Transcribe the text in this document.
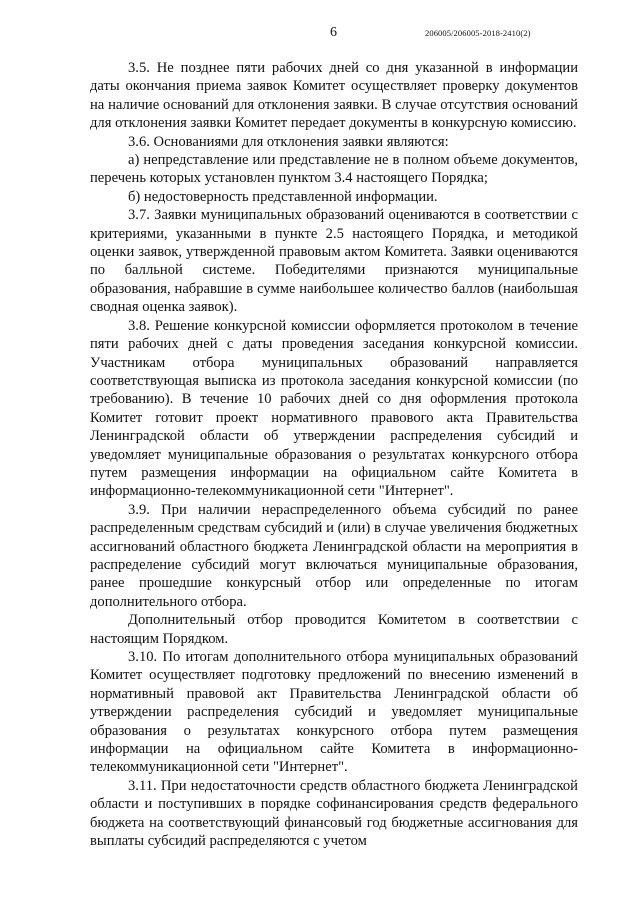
6	206005/206005-2018-2410(2)

3.5. Не позднее пяти рабочих дней со дня указанной в информации даты окончания приема заявок Комитет осуществляет проверку документов на наличие оснований для отклонения заявки. В случае отсутствия оснований для отклонения заявки Комитет передает документы в конкурсную комиссию.

3.6. Основаниями для отклонения заявки являются:

а) непредставление или представление не в полном объеме документов, перечень которых установлен пунктом 3.4 настоящего Порядка;

б) недостоверность представленной информации.

3.7. Заявки муниципальных образований оцениваются в соответствии с критериями, указанными в пункте 2.5 настоящего Порядка, и методикой оценки заявок, утвержденной правовым актом Комитета. Заявки оцениваются по балльной системе. Победителями признаются муниципальные образования, набравшие в сумме наибольшее количество баллов (наибольшая сводная оценка заявок).

3.8. Решение конкурсной комиссии оформляется протоколом в течение пяти рабочих дней с даты проведения заседания конкурсной комиссии. Участникам отбора муниципальных образований направляется соответствующая выписка из протокола заседания конкурсной комиссии (по требованию). В течение 10 рабочих дней со дня оформления протокола Комитет готовит проект нормативного правового акта Правительства Ленинградской области об утверждении распределения субсидий и уведомляет муниципальные образования о результатах конкурсного отбора путем размещения информации на официальном сайте Комитета в информационно-телекоммуникационной сети "Интернет".

3.9. При наличии нераспределенного объема субсидий по ранее распределенным средствам субсидий и (или) в случае увеличения бюджетных ассигнований областного бюджета Ленинградской области на мероприятия в распределение субсидий могут включаться муниципальные образования, ранее прошедшие конкурсный отбор или определенные по итогам дополнительного отбора.

Дополнительный отбор проводится Комитетом в соответствии с настоящим Порядком.

3.10. По итогам дополнительного отбора муниципальных образований Комитет осуществляет подготовку предложений по внесению изменений в нормативный правовой акт Правительства Ленинградской области об утверждении распределения субсидий и уведомляет муниципальные образования о результатах конкурсного отбора путем размещения информации на официальном сайте Комитета в информационно-телекоммуникационной сети "Интернет".

3.11. При недостаточности средств областного бюджета Ленинградской области и поступивших в порядке софинансирования средств федерального бюджета на соответствующий финансовый год бюджетные ассигнования для выплаты субсидий распределяются с учетом
